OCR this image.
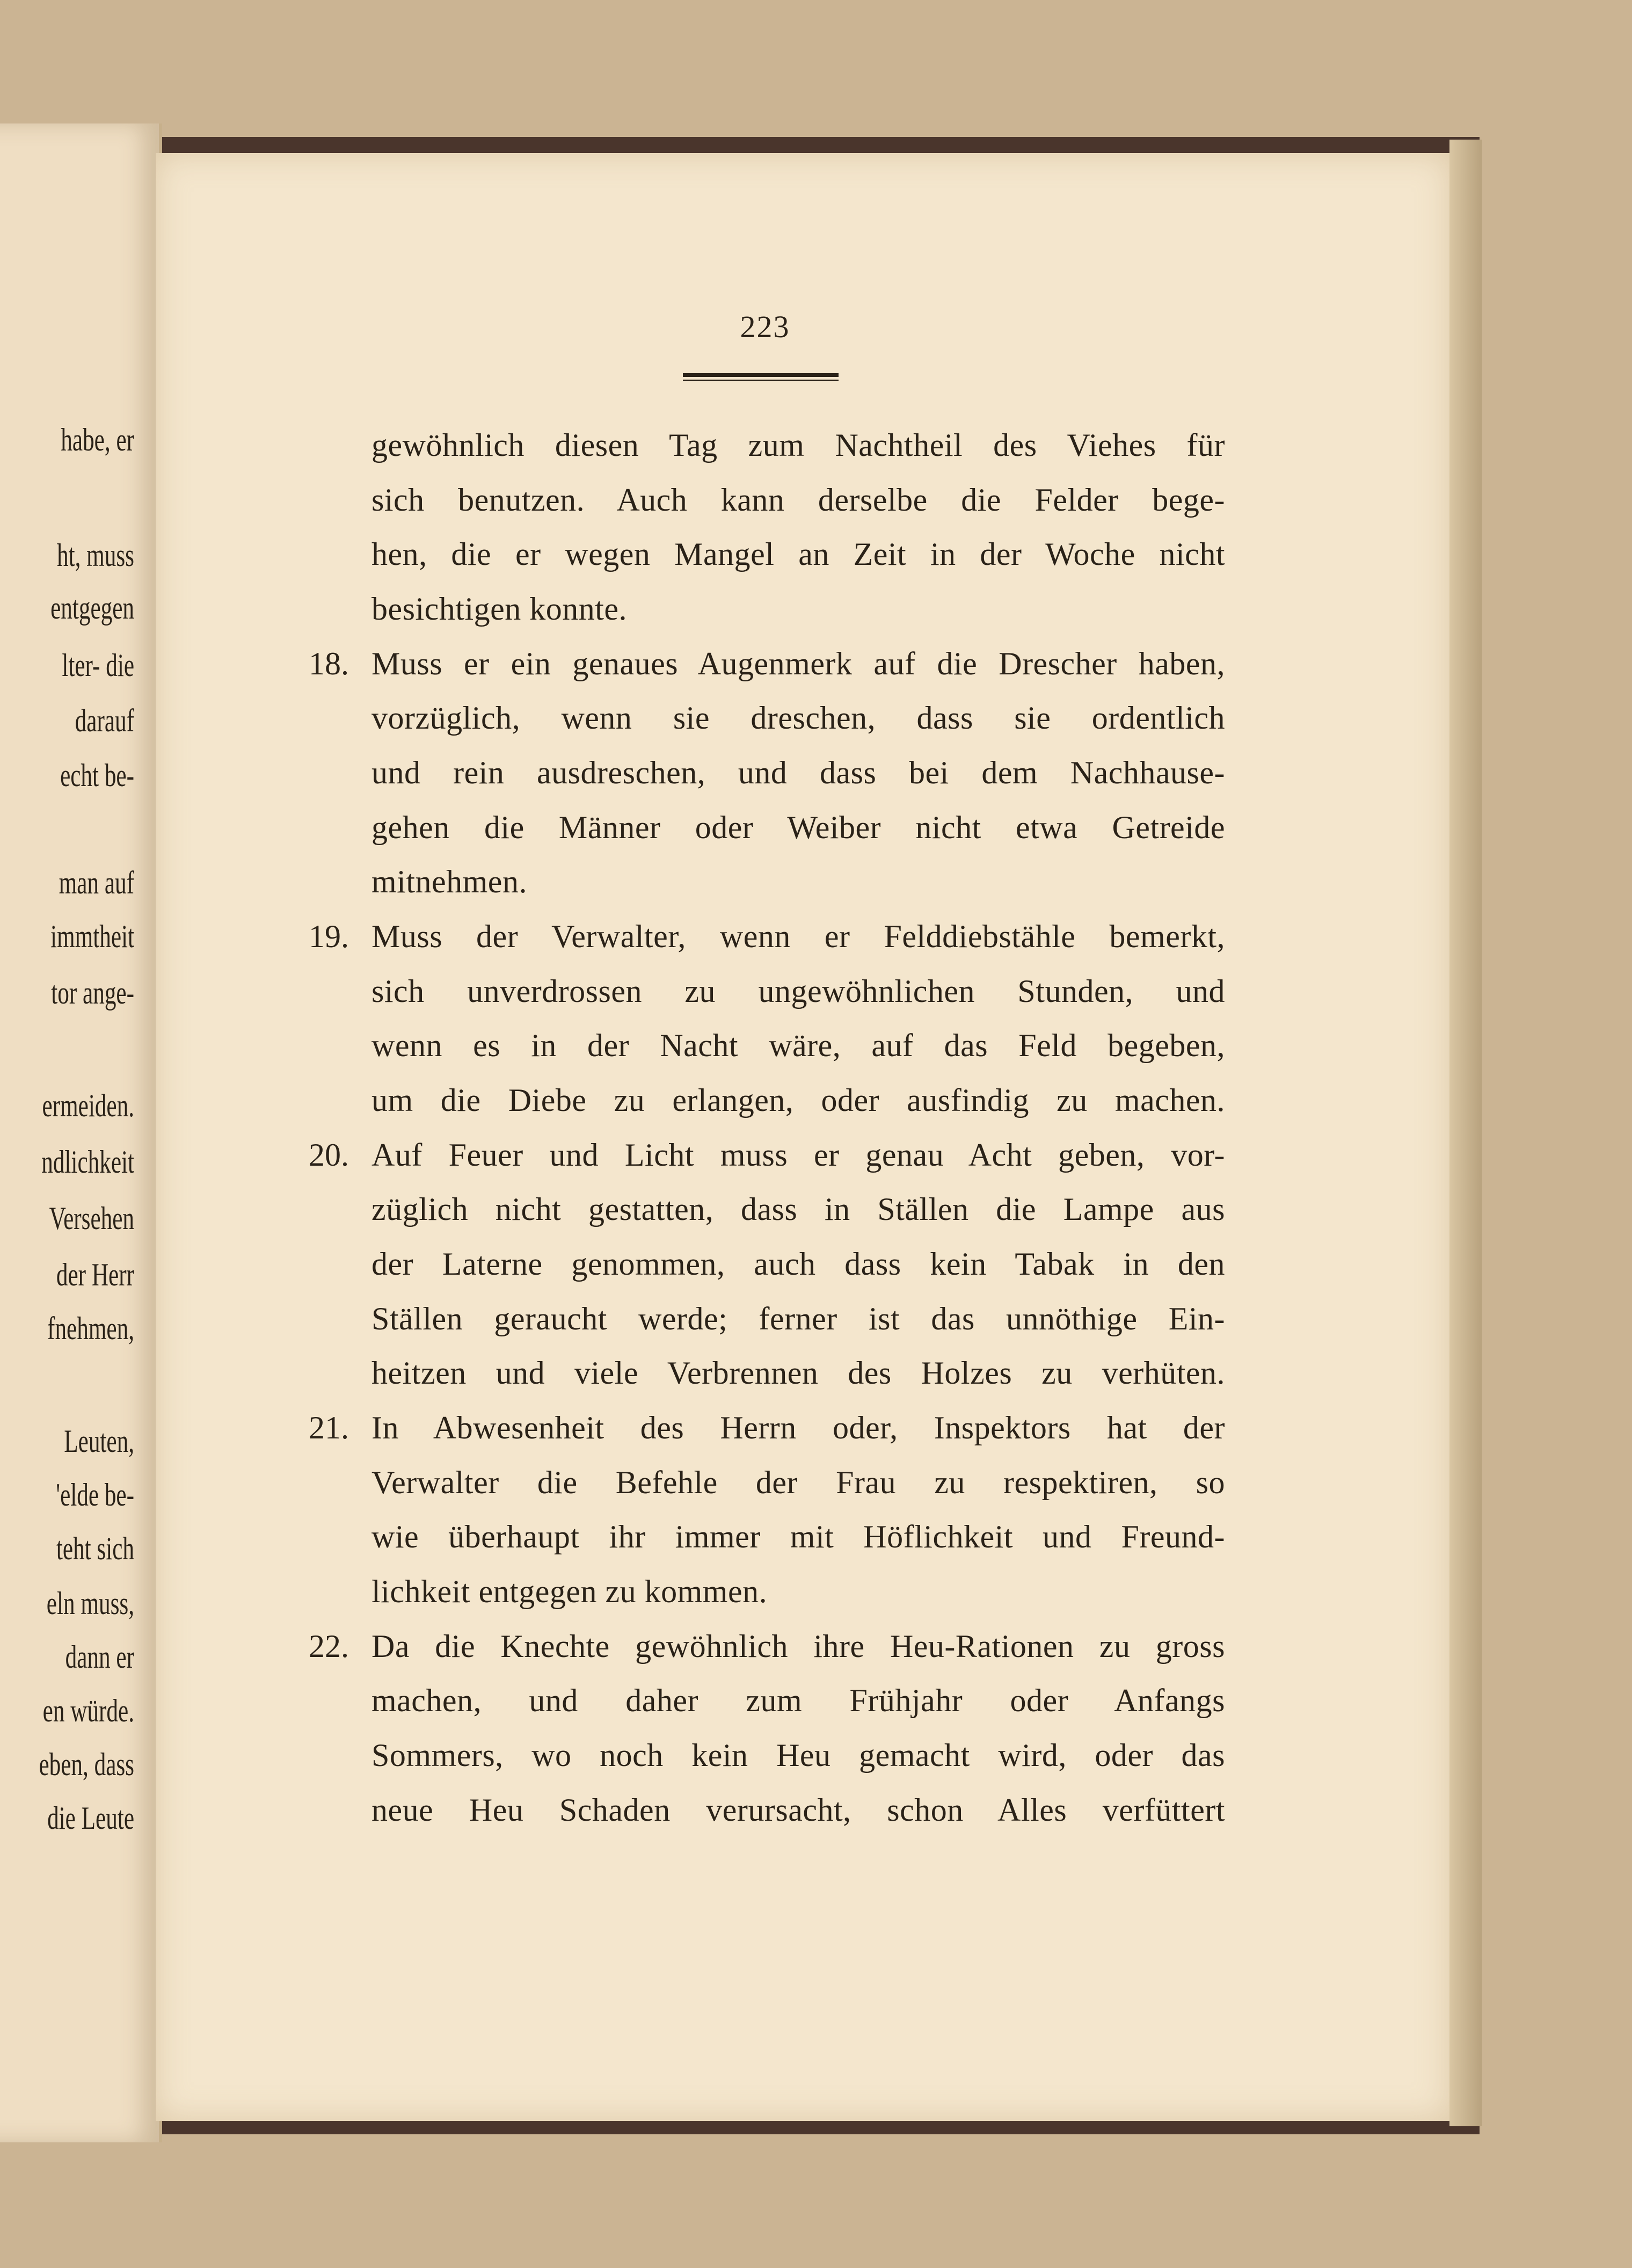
habe, er
ht, muss
entgegen
lter- die
darauf
echt be-
man auf
immtheit
tor ange-
ermeiden.
ndlichkeit
Versehen
der Herr
fnehmen,
Leuten,
'elde be-
teht sich
eln muss,
dann er
en würde.
eben, dass
die Leute
223
gewöhnlich diesen Tag zum Nachtheil des Viehes für
sich benutzen. Auch kann derselbe die Felder bege-
hen, die er wegen Mangel an Zeit in der Woche nicht
besichtigen konnte.
18. Muss er ein genaues Augenmerk auf die Drescher haben,
vorzüglich, wenn sie dreschen, dass sie ordentlich
und rein ausdreschen, und dass bei dem Nachhause-
gehen die Männer oder Weiber nicht etwa Getreide
mitnehmen.
19. Muss der Verwalter, wenn er Felddiebstähle bemerkt,
sich unverdrossen zu ungewöhnlichen Stunden, und
wenn es in der Nacht wäre, auf das Feld begeben,
um die Diebe zu erlangen, oder ausfindig zu machen.
20. Auf Feuer und Licht muss er genau Acht geben, vor-
züglich nicht gestatten, dass in Ställen die Lampe aus
der Laterne genommen, auch dass kein Tabak in den
Ställen geraucht werde; ferner ist das unnöthige Ein-
heitzen und viele Verbrennen des Holzes zu verhüten.
21. In Abwesenheit des Herrn oder, Inspektors hat der
Verwalter die Befehle der Frau zu respektiren, so
wie überhaupt ihr immer mit Höflichkeit und Freund-
lichkeit entgegen zu kommen.
22. Da die Knechte gewöhnlich ihre Heu-Rationen zu gross
machen, und daher zum Frühjahr oder Anfangs
Sommers, wo noch kein Heu gemacht wird, oder das
neue Heu Schaden verursacht, schon Alles verfüttert
